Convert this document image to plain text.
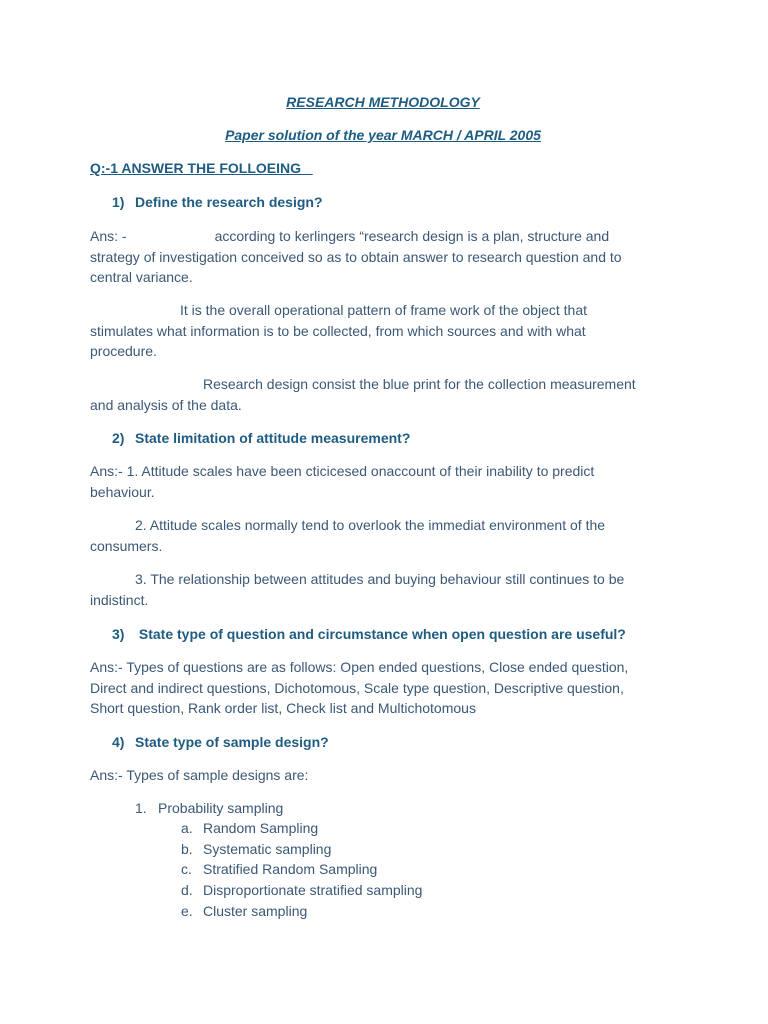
RESEARCH METHODOLOGY
Paper solution of the year MARCH / APRIL 2005
Q:-1 ANSWER THE FOLLOEING
1) Define the research design?
Ans: -	according to kerlingers “research design is a plan, structure and
strategy of investigation conceived so as to obtain answer to research question and to
central variance.
It is the overall operational pattern of frame work of the object that
stimulates what information is to be collected, from which sources and with what
procedure.
Research design consist the blue print for the collection measurement
and analysis of the data.
2) State limitation of attitude measurement?
Ans:- 1. Attitude scales have been cticicesed onaccount of their inability to predict
behaviour.
2. Attitude scales normally tend to overlook the immediat environment of the
consumers.
3. The relationship between attitudes and buying behaviour still continues to be
indistinct.
3) State type of question and circumstance when open question are useful?
Ans:- Types of questions are as follows: Open ended questions, Close ended question,
Direct and indirect questions, Dichotomous, Scale type question, Descriptive question,
Short question, Rank order list, Check list and Multichotomous
4) State type of sample design?
Ans:- Types of sample designs are:
1. Probability sampling
a. Random Sampling
b. Systematic sampling
c. Stratified Random Sampling
d. Disproportionate stratified sampling
e. Cluster sampling
